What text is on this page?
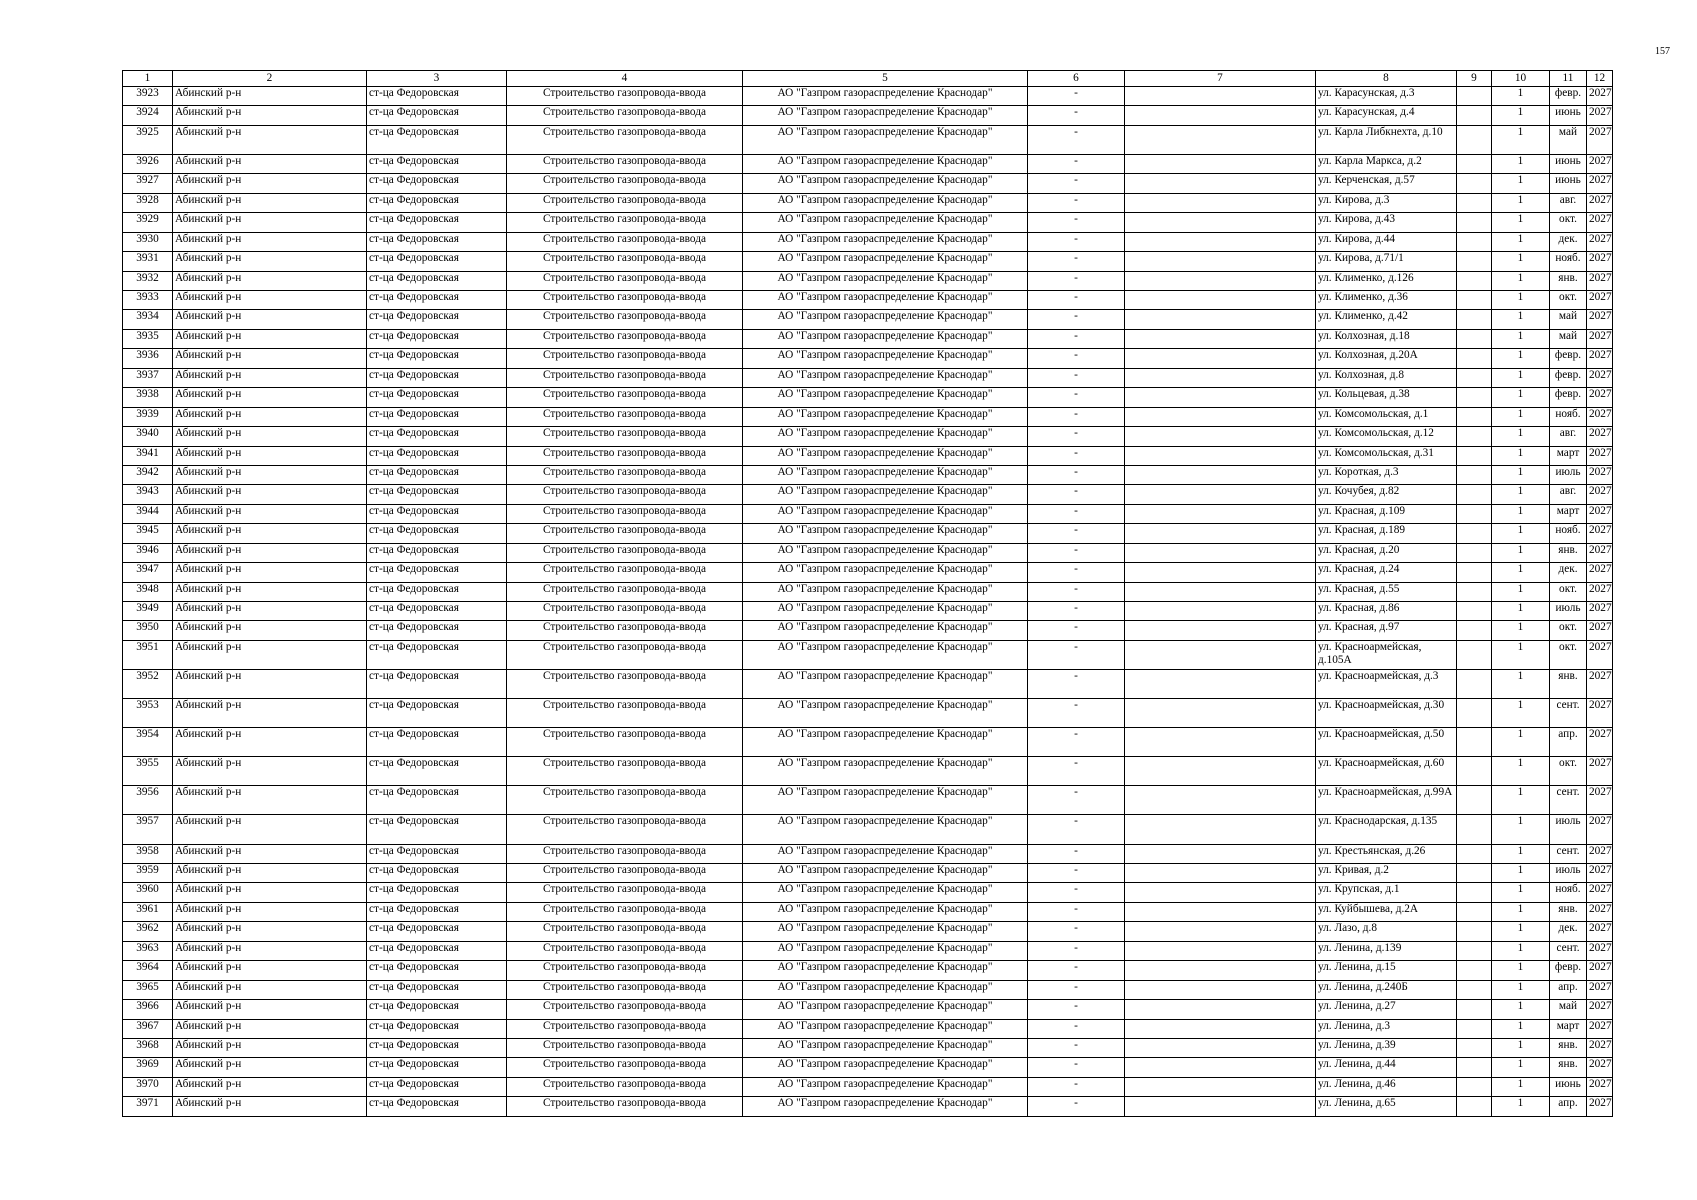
157
1	2	3	4	5	6	7	8	9	10	11	12
3923	Абинский р-н	ст-ца Федоровская	Строительство газопровода-ввода	АО "Газпром газораспределение Краснодар"	-		ул. Карасунская, д.3		1	февр.	2027
3924	Абинский р-н	ст-ца Федоровская	Строительство газопровода-ввода	АО "Газпром газораспределение Краснодар"	-		ул. Карасунская, д.4		1	июнь	2027
3925	Абинский р-н	ст-ца Федоровская	Строительство газопровода-ввода	АО "Газпром газораспределение Краснодар"	-		ул. Карла Либкнехта, д.10		1	май	2027
3926	Абинский р-н	ст-ца Федоровская	Строительство газопровода-ввода	АО "Газпром газораспределение Краснодар"	-		ул. Карла Маркса, д.2		1	июнь	2027
3927	Абинский р-н	ст-ца Федоровская	Строительство газопровода-ввода	АО "Газпром газораспределение Краснодар"	-		ул. Керченская, д.57		1	июнь	2027
3928	Абинский р-н	ст-ца Федоровская	Строительство газопровода-ввода	АО "Газпром газораспределение Краснодар"	-		ул. Кирова, д.3		1	авг.	2027
3929	Абинский р-н	ст-ца Федоровская	Строительство газопровода-ввода	АО "Газпром газораспределение Краснодар"	-		ул. Кирова, д.43		1	окт.	2027
3930	Абинский р-н	ст-ца Федоровская	Строительство газопровода-ввода	АО "Газпром газораспределение Краснодар"	-		ул. Кирова, д.44		1	дек.	2027
3931	Абинский р-н	ст-ца Федоровская	Строительство газопровода-ввода	АО "Газпром газораспределение Краснодар"	-		ул. Кирова, д.71/1		1	нояб.	2027
3932	Абинский р-н	ст-ца Федоровская	Строительство газопровода-ввода	АО "Газпром газораспределение Краснодар"	-		ул. Клименко, д.126		1	янв.	2027
3933	Абинский р-н	ст-ца Федоровская	Строительство газопровода-ввода	АО "Газпром газораспределение Краснодар"	-		ул. Клименко, д.36		1	окт.	2027
3934	Абинский р-н	ст-ца Федоровская	Строительство газопровода-ввода	АО "Газпром газораспределение Краснодар"	-		ул. Клименко, д.42		1	май	2027
3935	Абинский р-н	ст-ца Федоровская	Строительство газопровода-ввода	АО "Газпром газораспределение Краснодар"	-		ул. Колхозная, д.18		1	май	2027
3936	Абинский р-н	ст-ца Федоровская	Строительство газопровода-ввода	АО "Газпром газораспределение Краснодар"	-		ул. Колхозная, д.20А		1	февр.	2027
3937	Абинский р-н	ст-ца Федоровская	Строительство газопровода-ввода	АО "Газпром газораспределение Краснодар"	-		ул. Колхозная, д.8		1	февр.	2027
3938	Абинский р-н	ст-ца Федоровская	Строительство газопровода-ввода	АО "Газпром газораспределение Краснодар"	-		ул. Кольцевая, д.38		1	февр.	2027
3939	Абинский р-н	ст-ца Федоровская	Строительство газопровода-ввода	АО "Газпром газораспределение Краснодар"	-		ул. Комсомольская, д.1		1	нояб.	2027
3940	Абинский р-н	ст-ца Федоровская	Строительство газопровода-ввода	АО "Газпром газораспределение Краснодар"	-		ул. Комсомольская, д.12		1	авг.	2027
3941	Абинский р-н	ст-ца Федоровская	Строительство газопровода-ввода	АО "Газпром газораспределение Краснодар"	-		ул. Комсомольская, д.31		1	март	2027
3942	Абинский р-н	ст-ца Федоровская	Строительство газопровода-ввода	АО "Газпром газораспределение Краснодар"	-		ул. Короткая, д.3		1	июль	2027
3943	Абинский р-н	ст-ца Федоровская	Строительство газопровода-ввода	АО "Газпром газораспределение Краснодар"	-		ул. Кочубея, д.82		1	авг.	2027
3944	Абинский р-н	ст-ца Федоровская	Строительство газопровода-ввода	АО "Газпром газораспределение Краснодар"	-		ул. Красная, д.109		1	март	2027
3945	Абинский р-н	ст-ца Федоровская	Строительство газопровода-ввода	АО "Газпром газораспределение Краснодар"	-		ул. Красная, д.189		1	нояб.	2027
3946	Абинский р-н	ст-ца Федоровская	Строительство газопровода-ввода	АО "Газпром газораспределение Краснодар"	-		ул. Красная, д.20		1	янв.	2027
3947	Абинский р-н	ст-ца Федоровская	Строительство газопровода-ввода	АО "Газпром газораспределение Краснодар"	-		ул. Красная, д.24		1	дек.	2027
3948	Абинский р-н	ст-ца Федоровская	Строительство газопровода-ввода	АО "Газпром газораспределение Краснодар"	-		ул. Красная, д.55		1	окт.	2027
3949	Абинский р-н	ст-ца Федоровская	Строительство газопровода-ввода	АО "Газпром газораспределение Краснодар"	-		ул. Красная, д.86		1	июль	2027
3950	Абинский р-н	ст-ца Федоровская	Строительство газопровода-ввода	АО "Газпром газораспределение Краснодар"	-		ул. Красная, д.97		1	окт.	2027
3951	Абинский р-н	ст-ца Федоровская	Строительство газопровода-ввода	АО "Газпром газораспределение Краснодар"	-		ул. Красноармейская, д.105А		1	окт.	2027
3952	Абинский р-н	ст-ца Федоровская	Строительство газопровода-ввода	АО "Газпром газораспределение Краснодар"	-		ул. Красноармейская, д.3		1	янв.	2027
3953	Абинский р-н	ст-ца Федоровская	Строительство газопровода-ввода	АО "Газпром газораспределение Краснодар"	-		ул. Красноармейская, д.30		1	сент.	2027
3954	Абинский р-н	ст-ца Федоровская	Строительство газопровода-ввода	АО "Газпром газораспределение Краснодар"	-		ул. Красноармейская, д.50		1	апр.	2027
3955	Абинский р-н	ст-ца Федоровская	Строительство газопровода-ввода	АО "Газпром газораспределение Краснодар"	-		ул. Красноармейская, д.60		1	окт.	2027
3956	Абинский р-н	ст-ца Федоровская	Строительство газопровода-ввода	АО "Газпром газораспределение Краснодар"	-		ул. Красноармейская, д.99А		1	сент.	2027
3957	Абинский р-н	ст-ца Федоровская	Строительство газопровода-ввода	АО "Газпром газораспределение Краснодар"	-		ул. Краснодарская, д.135		1	июль	2027
3958	Абинский р-н	ст-ца Федоровская	Строительство газопровода-ввода	АО "Газпром газораспределение Краснодар"	-		ул. Крестьянская, д.26		1	сент.	2027
3959	Абинский р-н	ст-ца Федоровская	Строительство газопровода-ввода	АО "Газпром газораспределение Краснодар"	-		ул. Кривая, д.2		1	июль	2027
3960	Абинский р-н	ст-ца Федоровская	Строительство газопровода-ввода	АО "Газпром газораспределение Краснодар"	-		ул. Крупская, д.1		1	нояб.	2027
3961	Абинский р-н	ст-ца Федоровская	Строительство газопровода-ввода	АО "Газпром газораспределение Краснодар"	-		ул. Куйбышева, д.2А		1	янв.	2027
3962	Абинский р-н	ст-ца Федоровская	Строительство газопровода-ввода	АО "Газпром газораспределение Краснодар"	-		ул. Лазо, д.8		1	дек.	2027
3963	Абинский р-н	ст-ца Федоровская	Строительство газопровода-ввода	АО "Газпром газораспределение Краснодар"	-		ул. Ленина, д.139		1	сент.	2027
3964	Абинский р-н	ст-ца Федоровская	Строительство газопровода-ввода	АО "Газпром газораспределение Краснодар"	-		ул. Ленина, д.15		1	февр.	2027
3965	Абинский р-н	ст-ца Федоровская	Строительство газопровода-ввода	АО "Газпром газораспределение Краснодар"	-		ул. Ленина, д.240Б		1	апр.	2027
3966	Абинский р-н	ст-ца Федоровская	Строительство газопровода-ввода	АО "Газпром газораспределение Краснодар"	-		ул. Ленина, д.27		1	май	2027
3967	Абинский р-н	ст-ца Федоровская	Строительство газопровода-ввода	АО "Газпром газораспределение Краснодар"	-		ул. Ленина, д.3		1	март	2027
3968	Абинский р-н	ст-ца Федоровская	Строительство газопровода-ввода	АО "Газпром газораспределение Краснодар"	-		ул. Ленина, д.39		1	янв.	2027
3969	Абинский р-н	ст-ца Федоровская	Строительство газопровода-ввода	АО "Газпром газораспределение Краснодар"	-		ул. Ленина, д.44		1	янв.	2027
3970	Абинский р-н	ст-ца Федоровская	Строительство газопровода-ввода	АО "Газпром газораспределение Краснодар"	-		ул. Ленина, д.46		1	июнь	2027
3971	Абинский р-н	ст-ца Федоровская	Строительство газопровода-ввода	АО "Газпром газораспределение Краснодар"	-		ул. Ленина, д.65		1	апр.	2027
